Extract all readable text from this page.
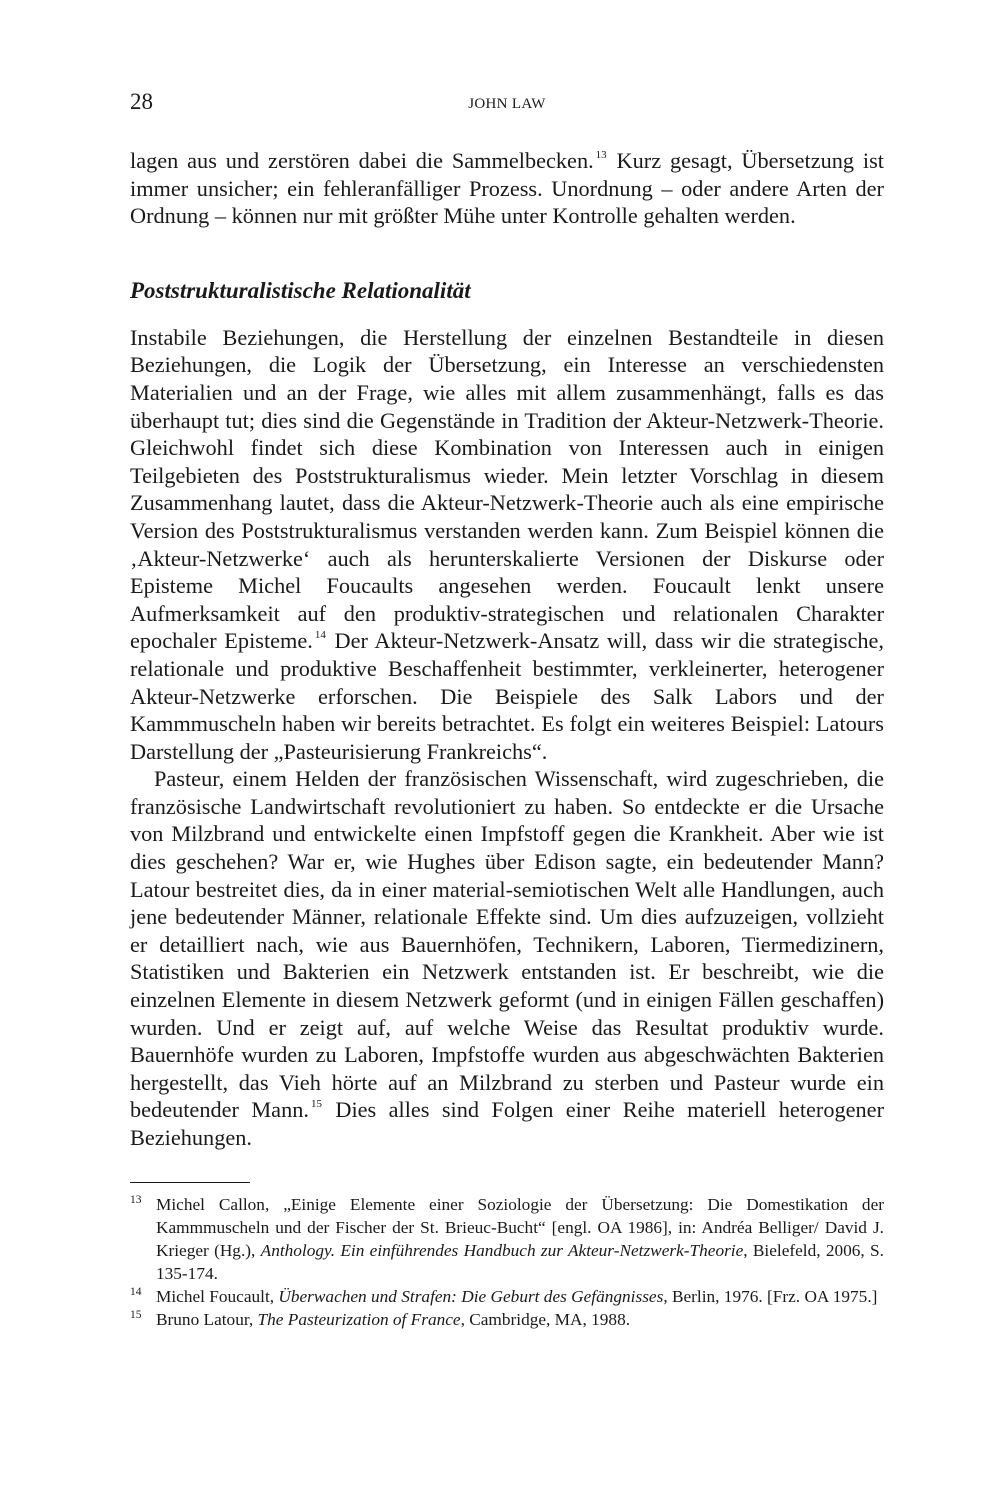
28	JOHN LAW

lagen aus und zerstören dabei die Sammelbecken. $^{13}$ Kurz gesagt, Übersetzung ist immer unsicher; ein fehleranfälliger Prozess. Unordnung – oder andere Arten der Ordnung – können nur mit größter Mühe unter Kontrolle gehalten werden.

Poststrukturalistische Relationalität

Instabile Beziehungen, die Herstellung der einzelnen Bestandteile in diesen Beziehungen, die Logik der Übersetzung, ein Interesse an verschiedensten Materialien und an der Frage, wie alles mit allem zusammenhängt, falls es das überhaupt tut; dies sind die Gegenstände in Tradition der Akteur-Netzwerk-Theorie. Gleichwohl findet sich diese Kombination von Interessen auch in einigen Teilgebieten des Poststrukturalismus wieder. Mein letzter Vorschlag in diesem Zusammenhang lautet, dass die Akteur-Netzwerk-Theorie auch als eine empirische Version des Poststrukturalismus verstanden werden kann. Zum Beispiel können die ‚Akteur-Netzwerke‘ auch als herunterskalierte Versionen der Diskurse oder Episteme Michel Foucaults angesehen werden. Foucault lenkt unsere Aufmerksamkeit auf den produktiv-strategischen und relationalen Charakter epochaler Episteme. $^{14}$ Der Akteur-Netzwerk-Ansatz will, dass wir die strategische, relationale und produktive Beschaffenheit bestimmter, verkleinerter, heterogener Akteur-Netzwerke erforschen. Die Beispiele des Salk Labors und der Kammmuscheln haben wir bereits betrachtet. Es folgt ein weiteres Beispiel: Latours Darstellung der „Pasteurisierung Frankreichs“.

Pasteur, einem Helden der französischen Wissenschaft, wird zugeschrieben, die französische Landwirtschaft revolutioniert zu haben. So entdeckte er die Ursache von Milzbrand und entwickelte einen Impfstoff gegen die Krankheit. Aber wie ist dies geschehen? War er, wie Hughes über Edison sagte, ein bedeutender Mann? Latour bestreitet dies, da in einer material-semiotischen Welt alle Handlungen, auch jene bedeutender Männer, relationale Effekte sind. Um dies aufzuzeigen, vollzieht er detailliert nach, wie aus Bauernhöfen, Technikern, Laboren, Tiermedizinern, Statistiken und Bakterien ein Netzwerk entstanden ist. Er beschreibt, wie die einzelnen Elemente in diesem Netzwerk geformt (und in einigen Fällen geschaffen) wurden. Und er zeigt auf, auf welche Weise das Resultat produktiv wurde. Bauernhöfe wurden zu Laboren, Impfstoffe wurden aus abgeschwächten Bakterien hergestellt, das Vieh hörte auf an Milzbrand zu sterben und Pasteur wurde ein bedeutender Mann. $^{15}$ Dies alles sind Folgen einer Reihe materiell heterogener Beziehungen.

13 Michel Callon, „Einige Elemente einer Soziologie der Übersetzung: Die Domestikation der Kammmuscheln und der Fischer der St. Brieuc-Bucht“ [engl. OA 1986], in: Andréa Belliger/ David J. Krieger (Hg.), Anthology. Ein einführendes Handbuch zur Akteur-Netzwerk-Theorie, Bielefeld, 2006, S. 135-174.
14 Michel Foucault, Überwachen und Strafen: Die Geburt des Gefängnisses, Berlin, 1976. [Frz. OA 1975.]
15 Bruno Latour, The Pasteurization of France, Cambridge, MA, 1988.
